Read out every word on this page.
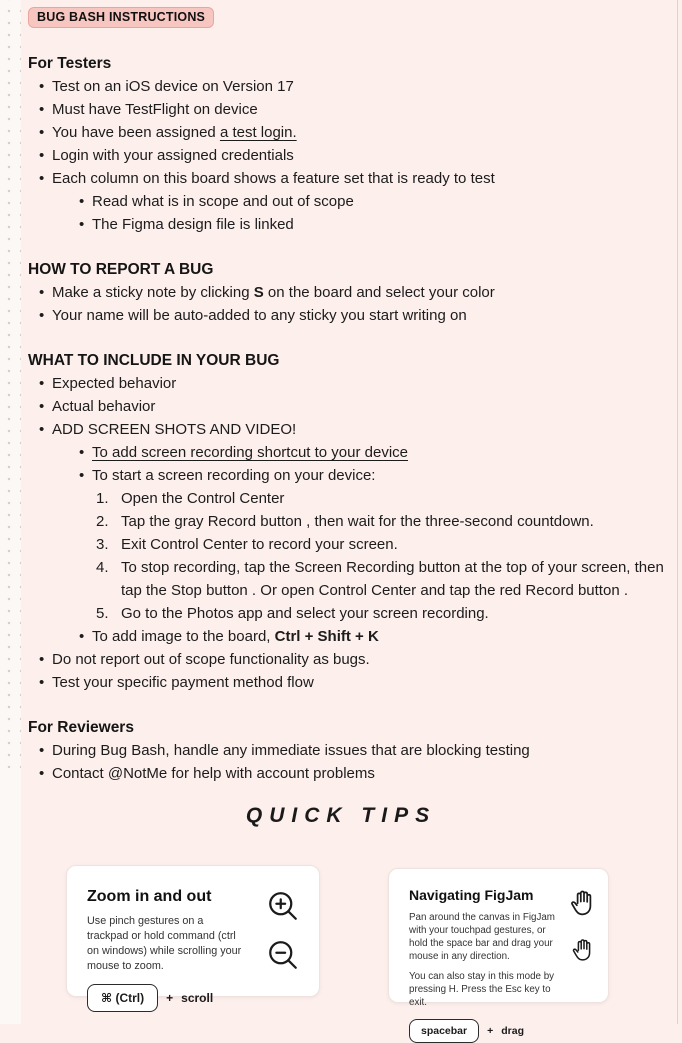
BUG BASH INSTRUCTIONS
For Testers
• Test on an iOS device on Version 17
• Must have TestFlight on device
• You have been assigned a test login.
• Login with your assigned credentials
• Each column on this board shows a feature set that is ready to test
• Read what is in scope and out of scope
• The Figma design file is linked
HOW TO REPORT A BUG
• Make a sticky note by clicking S on the board and select your color
• Your name will be auto-added to any sticky you start writing on
WHAT TO INCLUDE IN YOUR BUG
• Expected behavior
• Actual behavior
• ADD SCREEN SHOTS AND VIDEO!
• To add screen recording shortcut to your device
• To start a screen recording on your device:
1. Open the Control Center
2. Tap the gray Record button , then wait for the three-second countdown.
3. Exit Control Center to record your screen.
4. To stop recording, tap the Screen Recording button at the top of your screen, then tap the Stop button . Or open Control Center and tap the red Record button .
5. Go to the Photos app and select your screen recording.
• To add image to the board, Ctrl + Shift + K
• Do not report out of scope functionality as bugs.
• Test your specific payment method flow
For Reviewers
• During Bug Bash, handle any immediate issues that are blocking testing
• Contact @NotMe for help with account problems
QUICK TIPS
Zoom in and out
Use pinch gestures on a trackpad or hold command (ctrl on windows) while scrolling your mouse to zoom.
⌘ (Ctrl)	+ scroll
Navigating FigJam
Pan around the canvas in FigJam with your touchpad gestures, or hold the space bar and drag your mouse in any direction.
You can also stay in this mode by pressing H. Press the Esc key to exit.
spacebar	+ drag
